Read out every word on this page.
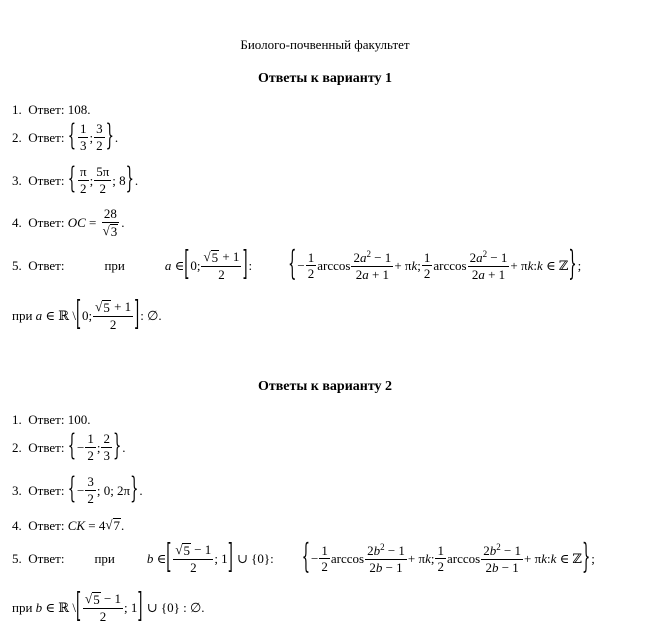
Биолого-почвенный факультет
Ответы к варианту 1
1. Ответ: 108.
2.
Ответ:
{ $\frac{1}{3}$ ; $\frac{3}{2}$ } .
3.
Ответ:
{ $\frac{\pi}{2}$ ; $\frac{5\pi}{2}$ ; 8 } .
4.
Ответ:
OC = $\frac{28}{√ 3}$ .
5.
Ответ:	при	a ∈ [ 0; $\frac{√ 5 + 1}{2}$ ] :	{ − $\frac{1}{2}$ $\arccos \frac{2a^2 - 1}{2a + 1} + \pi$ k ; $\frac{1}{2}$ $\arccos \frac{2a^2 - 1}{2a + 1} + \pi$ k : k ∈ ℤ } ;
при
a ∈ ℝ \ [ 0; $\frac{√ 5 + 1}{2}$ ] : ∅.
Ответы к варианту 2
1. Ответ: 100.
2.
Ответ:
{ − $\frac{1}{2}$ ; $\frac{2}{3}$ } .
3.
Ответ:
{ − $\frac{3}{2}$ ; 0; 2π } .
4.
Ответ:
CK = 4 √ 7 .
5.
Ответ: при b ∈ [ $\frac{√ 5 - 1}{2}$ ; 1 ] ∪ {0}: { − $\frac{1}{2}$ $\arccos \frac{2b^2 - 1}{2b - 1} + \pi$ k ; $\frac{1}{2}$ $\arccos \frac{2b^2 - 1}{2b - 1} + \pi$ k : k ∈ ℤ } ;
при
b ∈ ℝ \ [ $\frac{√ 5 - 1}{2}$ ; 1 ] ∪ {0} : ∅.
